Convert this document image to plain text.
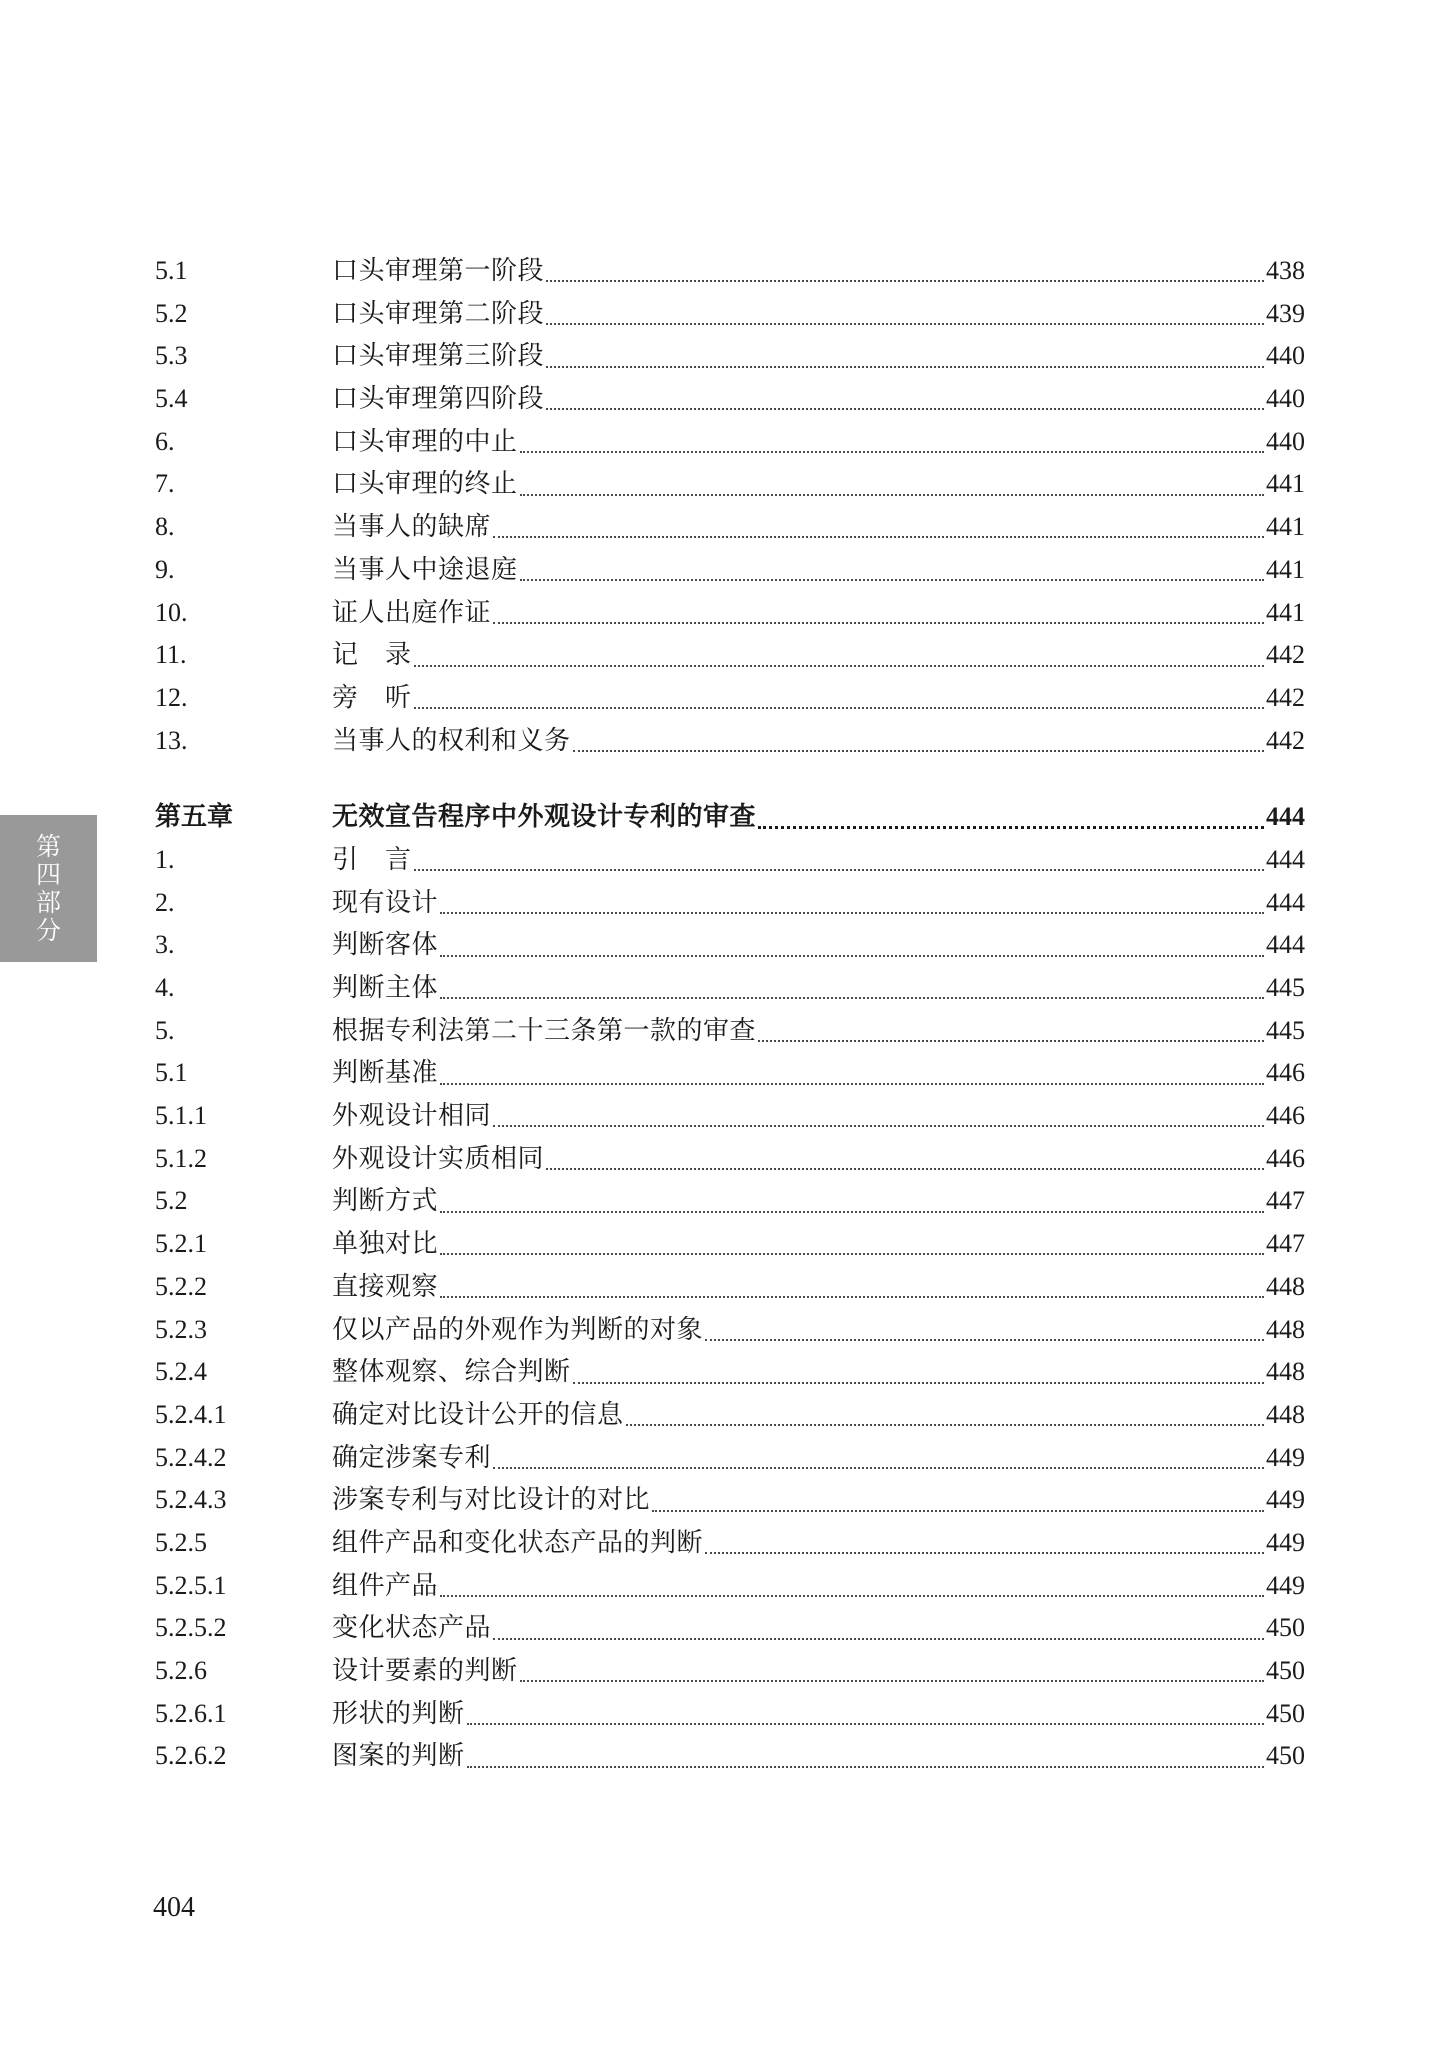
第
四
部
分
5.1	口头审理第一阶段	438
5.2	口头审理第二阶段	439
5.3	口头审理第三阶段	440
5.4	口头审理第四阶段	440
6.	口头审理的中止	440
7.	口头审理的终止	441
8.	当事人的缺席	441
9.	当事人中途退庭	441
10.	证人出庭作证	441
11.	记　录	442
12.	旁　听	442
13.	当事人的权利和义务	442
第五章	无效宣告程序中外观设计专利的审查	444
1.	引　言	444
2.	现有设计	444
3.	判断客体	444
4.	判断主体	445
5.	根据专利法第二十三条第一款的审查	445
5.1	判断基准	446
5.1.1	外观设计相同	446
5.1.2	外观设计实质相同	446
5.2	判断方式	447
5.2.1	单独对比	447
5.2.2	直接观察	448
5.2.3	仅以产品的外观作为判断的对象	448
5.2.4	整体观察、综合判断	448
5.2.4.1	确定对比设计公开的信息	448
5.2.4.2	确定涉案专利	449
5.2.4.3	涉案专利与对比设计的对比	449
5.2.5	组件产品和变化状态产品的判断	449
5.2.5.1	组件产品	449
5.2.5.2	变化状态产品	450
5.2.6	设计要素的判断	450
5.2.6.1	形状的判断	450
5.2.6.2	图案的判断	450
404
